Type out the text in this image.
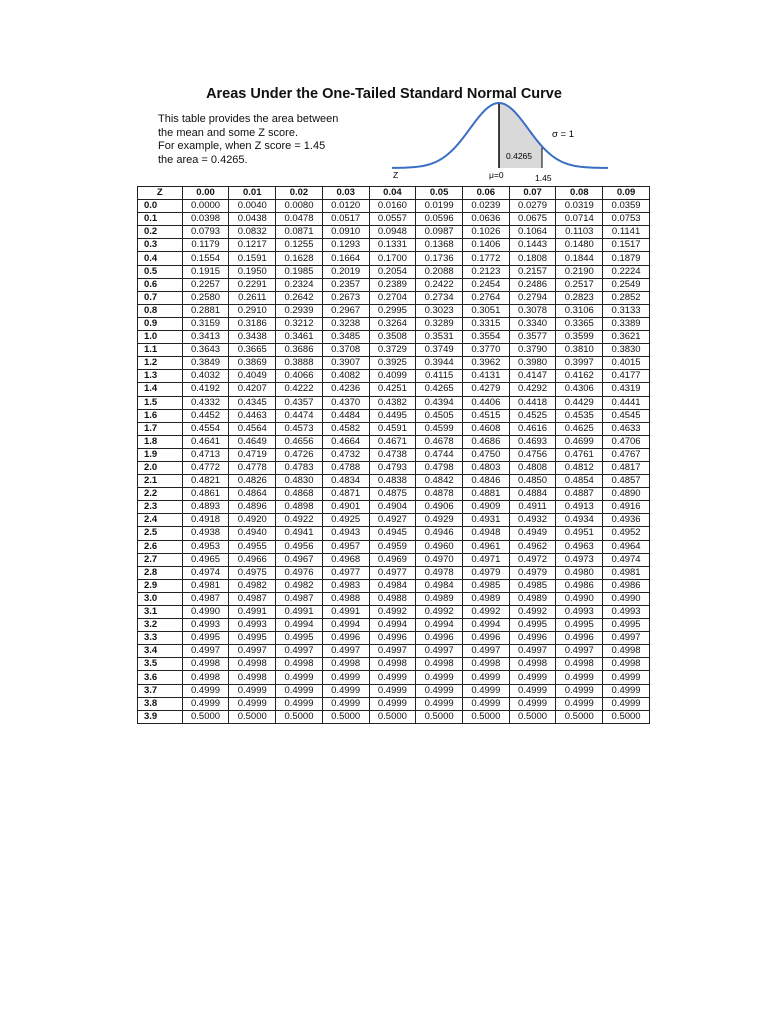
Areas Under the One-Tailed Standard Normal Curve
This table provides the area between
the mean and some Z score.
For example, when Z score = 1.45
the area = 0.4265.	0.4265
σ = 1
Z	μ=0	1.45
Z	0.00	0.01	0.02	0.03	0.04	0.05	0.06	0.07	0.08	0.09
0.0	0.0000	0.0040	0.0080	0.0120	0.0160	0.0199	0.0239	0.0279	0.0319	0.0359
0.1	0.0398	0.0438	0.0478	0.0517	0.0557	0.0596	0.0636	0.0675	0.0714	0.0753
0.2	0.0793	0.0832	0.0871	0.0910	0.0948	0.0987	0.1026	0.1064	0.1103	0.1141
0.3	0.1179	0.1217	0.1255	0.1293	0.1331	0.1368	0.1406	0.1443	0.1480	0.1517
0.4	0.1554	0.1591	0.1628	0.1664	0.1700	0.1736	0.1772	0.1808	0.1844	0.1879
0.5	0.1915	0.1950	0.1985	0.2019	0.2054	0.2088	0.2123	0.2157	0.2190	0.2224
0.6	0.2257	0.2291	0.2324	0.2357	0.2389	0.2422	0.2454	0.2486	0.2517	0.2549
0.7	0.2580	0.2611	0.2642	0.2673	0.2704	0.2734	0.2764	0.2794	0.2823	0.2852
0.8	0.2881	0.2910	0.2939	0.2967	0.2995	0.3023	0.3051	0.3078	0.3106	0.3133
0.9	0.3159	0.3186	0.3212	0.3238	0.3264	0.3289	0.3315	0.3340	0.3365	0.3389
1.0	0.3413	0.3438	0.3461	0.3485	0.3508	0.3531	0.3554	0.3577	0.3599	0.3621
1.1	0.3643	0.3665	0.3686	0.3708	0.3729	0.3749	0.3770	0.3790	0.3810	0.3830
1.2	0.3849	0.3869	0.3888	0.3907	0.3925	0.3944	0.3962	0.3980	0.3997	0.4015
1.3	0.4032	0.4049	0.4066	0.4082	0.4099	0.4115	0.4131	0.4147	0.4162	0.4177
1.4	0.4192	0.4207	0.4222	0.4236	0.4251	0.4265	0.4279	0.4292	0.4306	0.4319
1.5	0.4332	0.4345	0.4357	0.4370	0.4382	0.4394	0.4406	0.4418	0.4429	0.4441
1.6	0.4452	0.4463	0.4474	0.4484	0.4495	0.4505	0.4515	0.4525	0.4535	0.4545
1.7	0.4554	0.4564	0.4573	0.4582	0.4591	0.4599	0.4608	0.4616	0.4625	0.4633
1.8	0.4641	0.4649	0.4656	0.4664	0.4671	0.4678	0.4686	0.4693	0.4699	0.4706
1.9	0.4713	0.4719	0.4726	0.4732	0.4738	0.4744	0.4750	0.4756	0.4761	0.4767
2.0	0.4772	0.4778	0.4783	0.4788	0.4793	0.4798	0.4803	0.4808	0.4812	0.4817
2.1	0.4821	0.4826	0.4830	0.4834	0.4838	0.4842	0.4846	0.4850	0.4854	0.4857
2.2	0.4861	0.4864	0.4868	0.4871	0.4875	0.4878	0.4881	0.4884	0.4887	0.4890
2.3	0.4893	0.4896	0.4898	0.4901	0.4904	0.4906	0.4909	0.4911	0.4913	0.4916
2.4	0.4918	0.4920	0.4922	0.4925	0.4927	0.4929	0.4931	0.4932	0.4934	0.4936
2.5	0.4938	0.4940	0.4941	0.4943	0.4945	0.4946	0.4948	0.4949	0.4951	0.4952
2.6	0.4953	0.4955	0.4956	0.4957	0.4959	0.4960	0.4961	0.4962	0.4963	0.4964
2.7	0.4965	0.4966	0.4967	0.4968	0.4969	0.4970	0.4971	0.4972	0.4973	0.4974
2.8	0.4974	0.4975	0.4976	0.4977	0.4977	0.4978	0.4979	0.4979	0.4980	0.4981
2.9	0.4981	0.4982	0.4982	0.4983	0.4984	0.4984	0.4985	0.4985	0.4986	0.4986
3.0	0.4987	0.4987	0.4987	0.4988	0.4988	0.4989	0.4989	0.4989	0.4990	0.4990
3.1	0.4990	0.4991	0.4991	0.4991	0.4992	0.4992	0.4992	0.4992	0.4993	0.4993
3.2	0.4993	0.4993	0.4994	0.4994	0.4994	0.4994	0.4994	0.4995	0.4995	0.4995
3.3	0.4995	0.4995	0.4995	0.4996	0.4996	0.4996	0.4996	0.4996	0.4996	0.4997
3.4	0.4997	0.4997	0.4997	0.4997	0.4997	0.4997	0.4997	0.4997	0.4997	0.4998
3.5	0.4998	0.4998	0.4998	0.4998	0.4998	0.4998	0.4998	0.4998	0.4998	0.4998
3.6	0.4998	0.4998	0.4999	0.4999	0.4999	0.4999	0.4999	0.4999	0.4999	0.4999
3.7	0.4999	0.4999	0.4999	0.4999	0.4999	0.4999	0.4999	0.4999	0.4999	0.4999
3.8	0.4999	0.4999	0.4999	0.4999	0.4999	0.4999	0.4999	0.4999	0.4999	0.4999
3.9	0.5000	0.5000	0.5000	0.5000	0.5000	0.5000	0.5000	0.5000	0.5000	0.5000
